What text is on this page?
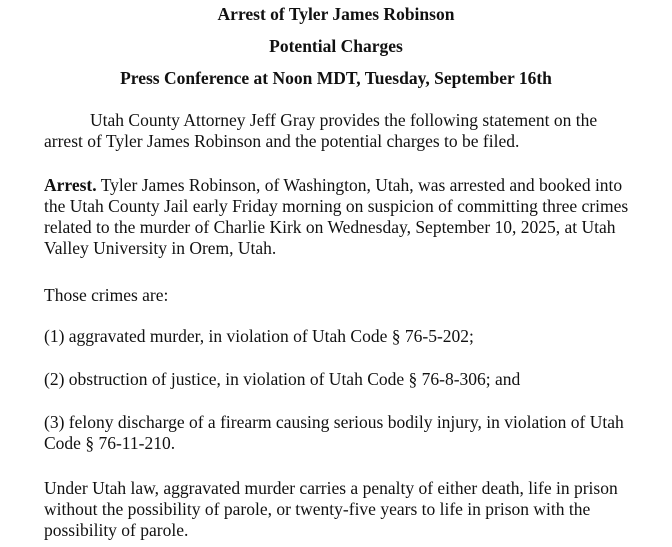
Arrest of Tyler James Robinson

Potential Charges

Press Conference at Noon MDT, Tuesday, September 16th

Utah County Attorney Jeff Gray provides the following statement on the arrest of Tyler James Robinson and the potential charges to be filed.

Arrest. Tyler James Robinson, of Washington, Utah, was arrested and booked into the Utah County Jail early Friday morning on suspicion of committing three crimes related to the murder of Charlie Kirk on Wednesday, September 10, 2025, at Utah Valley University in Orem, Utah.

Those crimes are:

(1) aggravated murder, in violation of Utah Code § 76-5-202;

(2) obstruction of justice, in violation of Utah Code § 76-8-306; and

(3) felony discharge of a firearm causing serious bodily injury, in violation of Utah Code § 76-11-210.

Under Utah law, aggravated murder carries a penalty of either death, life in prison without the possibility of parole, or twenty-five years to life in prison with the possibility of parole.
